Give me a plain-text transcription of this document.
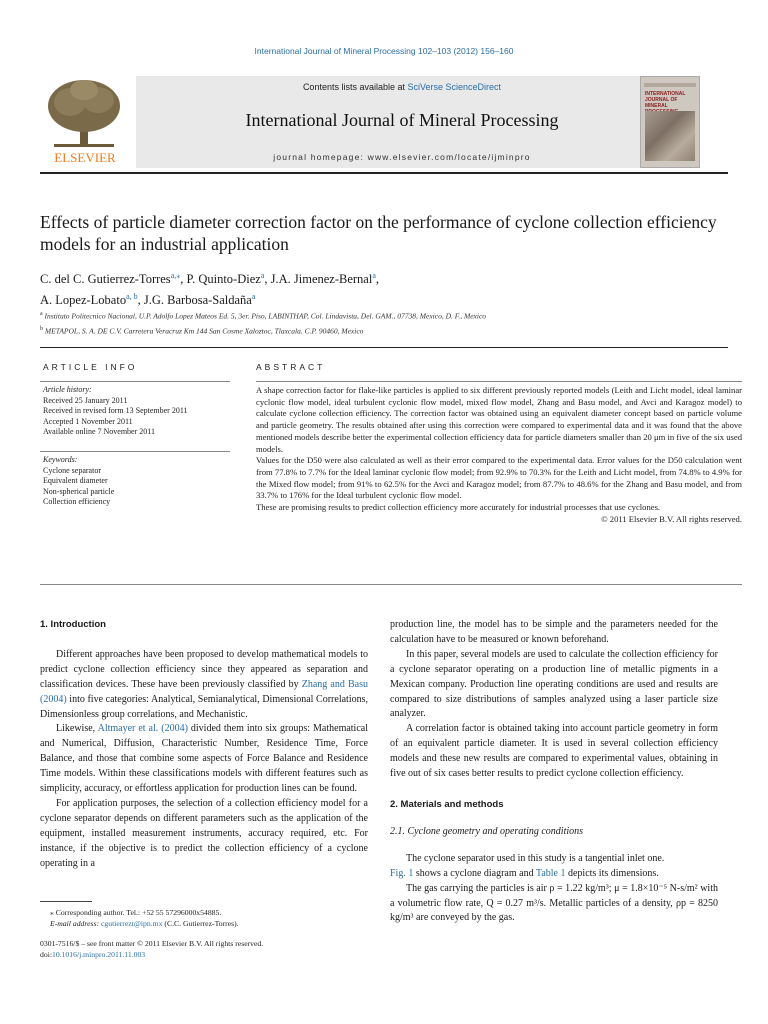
International Journal of Mineral Processing 102–103 (2012) 156–160
ELSEVIER
Contents lists available at SciVerse ScienceDirect
International Journal of Mineral Processing
journal homepage: www.elsevier.com/locate/ijminpro
INTERNATIONAL JOURNAL OF MINERAL
Effects of particle diameter correction factor on the performance of cyclone collection efficiency models for an industrial application
C. del C. Gutierrez-Torres$^{a,⁎}$, P. Quinto-Diez$^a$, J.A. Jimenez-Bernal$^a$,
A. Lopez-Lobato$^{a, b}$, J.G. Barbosa-Saldaña$^a$
$^a$ Instituto Politecnico Nacional, U.P. Adolfo Lopez Mateos Ed. 5, 3er. Piso, LABINTHAP, Col. Lindavista, Del. GAM., 07738, Mexico, D. F., Mexico
$^b$ METAPOL, S. A. DE C.V. Carretera Veracruz Km 144 San Cosme Xaloztoc, Tlaxcala. C.P. 90460, Mexico
ARTICLE INFO	ABSTRACT
Article history:
Received 25 January 2011
Received in revised form 13 September 2011
Accepted 1 November 2011
Available online 7 November 2011
Keywords:
Cyclone separator
Equivalent diameter
Non-spherical particle
Collection efficiency

A shape correction factor for flake-like particles is applied to six different previously reported models (Leith and Licht model, ideal laminar cyclonic flow model, ideal turbulent cyclonic flow model, mixed flow model, Zhang and Basu model, and Avci and Karagoz model) to calculate cyclone collection efficiency. The correction factor was obtained using an equivalent diameter concept based on particle volume and particle geometry. The results obtained after using this correction were compared to experimental data and it was found that the above mentioned models describe better the experimental collection efficiency data for particle diameters smaller than 20 μm in five of the six used models.

Values for the D50 were also calculated as well as their error compared to the experimental data. Error values for the D50 calculation went from 77.8% to 7.7% for the Ideal laminar cyclonic flow model; from 92.9% to 70.3% for the Leith and Licht model, from 74.8% to 4.9% for the Mixed flow model; from 91% to 62.5% for the Avci and Karagoz model; from 87.7% to 48.6% for the Zhang and Basu model, and from 33.7% to 176% for the Ideal turbulent cyclonic flow model.

These are promising results to predict collection efficiency more accurately for industrial processes that use cyclones.

© 2011 Elsevier B.V. All rights reserved.

1. Introduction

Different approaches have been proposed to develop mathematical models to predict cyclone collection efficiency since they appeared as separation and classification devices. These have been previously classified by Zhang and Basu (2004) into five categories: Analytical, Semianalytical, Dimensional Correlations, Dimensionless group correlations, and Mechanistic.

Likewise, Altmayer et al. (2004) divided them into six groups: Mathematical and Numerical, Diffusion, Characteristic Number, Residence Time, Force Balance, and those that combine some aspects of Force Balance and Residence Time models. Within these classifications models with different features such as simplicity, accuracy, or effortless application for production lines can be found.

For application purposes, the selection of a collection efficiency model for a cyclone separator depends on different parameters such as the application of the equipment, installed measurement instruments, accuracy required, etc. For instance, if the objective is to predict the collection efficiency of a cyclone operating in a

production line, the model has to be simple and the parameters needed for the calculation have to be measured or known beforehand.

In this paper, several models are used to calculate the collection efficiency for a cyclone separator operating on a production line of metallic pigments in a Mexican company. Production line operating conditions are used and results are compared to size distributions of samples analyzed using a laser particle size analyzer.

A correlation factor is obtained taking into account particle geometry in form of an equivalent particle diameter. It is used in several collection efficiency models and these new results are compared to experimental values, obtaining in five out of six cases better results to predict cyclone collection efficiency.

2. Materials and methods

2.1. Cyclone geometry and operating conditions

The cyclone separator used in this study is a tangential inlet one.

Fig. 1 shows a cyclone diagram and Table 1 depicts its dimensions.

The gas carrying the particles is air ρ = 1.22 kg/m³; μ = 1.8×10⁻⁵ N-s/m² with a volumetric flow rate, Q = 0.27 m³/s. Metallic particles of a density, ρp = 8250 kg/m³ are conveyed by the gas.

⁎ Corresponding author. Tel.: +52 55 57296000x54885.
E-mail address: cgutierrezt@ipn.mx (C.C. Gutierrez-Torres).
0301-7516/$ – see front matter © 2011 Elsevier B.V. All rights reserved.
doi:10.1016/j.minpro.2011.11.003
